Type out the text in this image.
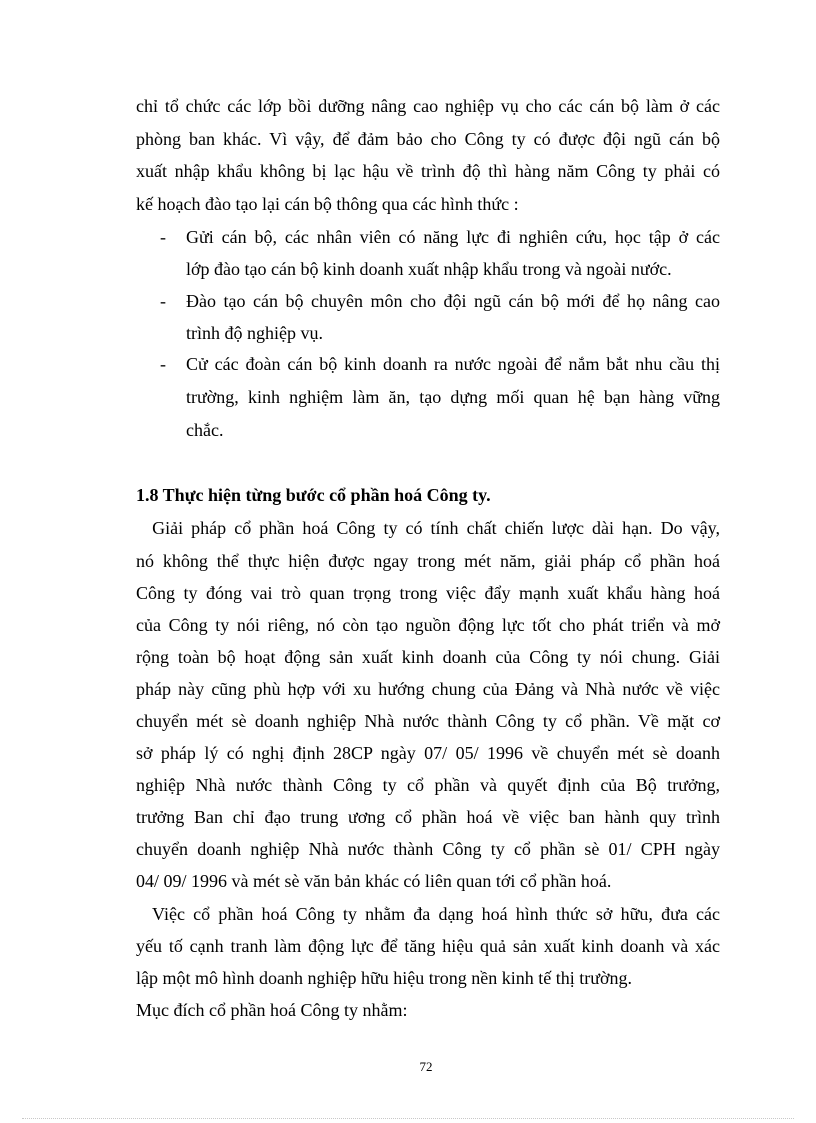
chỉ tổ chức các lớp bồi dưỡng nâng cao nghiệp vụ cho các cán bộ làm ở các
phòng ban khác. Vì vậy, để đảm bảo cho Công ty có được đội ngũ cán bộ
xuất nhập khẩu không bị lạc hậu về trình độ thì hàng năm Công ty phải có
kế hoạch đào tạo lại cán bộ thông qua các hình thức :
- Gửi cán bộ, các nhân viên có năng lực đi nghiên cứu, học tập ở các
lớp đào tạo cán bộ kinh doanh xuất nhập khẩu trong và ngoài nước.
- Đào tạo cán bộ chuyên môn cho đội ngũ cán bộ mới để họ nâng cao
trình độ nghiệp vụ.
- Cử các đoàn cán bộ kinh doanh ra nước ngoài để nắm bắt nhu cầu thị
trường, kinh nghiệm làm ăn, tạo dựng mối quan hệ bạn hàng vững
chắc.
1.8 Thực hiện từng bước cổ phần hoá Công ty.
Giải pháp cổ phần hoá Công ty có tính chất chiến lược dài hạn. Do vậy,
nó không thể thực hiện được ngay trong mét năm, giải pháp cổ phần hoá
Công ty đóng vai trò quan trọng trong việc đẩy mạnh xuất khẩu hàng hoá
của Công ty nói riêng, nó còn tạo nguồn động lực tốt cho phát triển và mở
rộng toàn bộ hoạt động sản xuất kinh doanh của Công ty nói chung. Giải
pháp này cũng phù hợp với xu hướng chung của Đảng và Nhà nước về việc
chuyển mét sè doanh nghiệp Nhà nước thành Công ty cổ phần. Về mặt cơ
sở pháp lý có nghị định 28CP ngày 07/ 05/ 1996 về chuyển mét sè doanh
nghiệp Nhà nước thành Công ty cổ phần và quyết định của Bộ trưởng,
trưởng Ban chỉ đạo trung ương cổ phần hoá về việc ban hành quy trình
chuyển doanh nghiệp Nhà nước thành Công ty cổ phần sè 01/ CPH ngày
04/ 09/ 1996 và mét sè văn bản khác có liên quan tới cổ phần hoá.
Việc cổ phần hoá Công ty nhằm đa dạng hoá hình thức sở hữu, đưa các
yếu tố cạnh tranh làm động lực để tăng hiệu quả sản xuất kinh doanh và xác
lập một mô hình doanh nghiệp hữu hiệu trong nền kinh tế thị trường.
Mục đích cổ phần hoá Công ty nhằm:
72
